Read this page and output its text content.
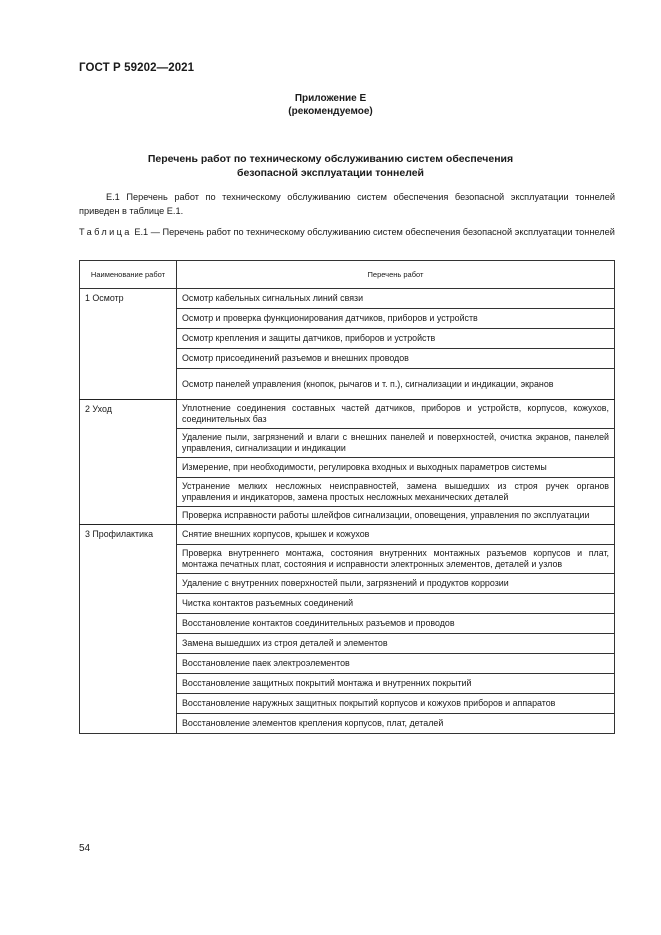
ГОСТ Р 59202—2021
Приложение Е
(рекомендуемое)
Перечень работ по техническому обслуживанию систем обеспечения
безопасной эксплуатации тоннелей
Е.1 Перечень работ по техническому обслуживанию систем обеспечения безопасной эксплуатации тоннелей приведен в таблице Е.1.
Таблица Е.1 — Перечень работ по техническому обслуживанию систем обеспечения безопасной эксплуатации тоннелей
Наименование работ	Перечень работ
1 Осмотр	Осмотр кабельных сигнальных линий связи
	Осмотр и проверка функционирования датчиков, приборов и устройств
	Осмотр крепления и защиты датчиков, приборов и устройств
	Осмотр присоединений разъемов и внешних проводов
	Осмотр панелей управления (кнопок, рычагов и т. п.), сигнализации и индикации, экранов
2 Уход	Уплотнение соединения составных частей датчиков, приборов и устройств, корпусов, кожухов, соединительных баз
	Удаление пыли, загрязнений и влаги с внешних панелей и поверхностей, очистка экранов, панелей управления, сигнализации и индикации
	Измерение, при необходимости, регулировка входных и выходных параметров системы
	Устранение мелких несложных неисправностей, замена вышедших из строя ручек органов управления и индикаторов, замена простых несложных механических деталей
	Проверка исправности работы шлейфов сигнализации, оповещения, управления по эксплуатации
3 Профилактика	Снятие внешних корпусов, крышек и кожухов
	Проверка внутреннего монтажа, состояния внутренних монтажных разъемов корпусов и плат, монтажа печатных плат, состояния и исправности электронных элементов, деталей и узлов
	Удаление с внутренних поверхностей пыли, загрязнений и продуктов коррозии
	Чистка контактов разъемных соединений
	Восстановление контактов соединительных разъемов и проводов
	Замена вышедших из строя деталей и элементов
	Восстановление паек электроэлементов
	Восстановление защитных покрытий монтажа и внутренних покрытий
	Восстановление наружных защитных покрытий корпусов и кожухов приборов и аппаратов
	Восстановление элементов крепления корпусов, плат, деталей
54
